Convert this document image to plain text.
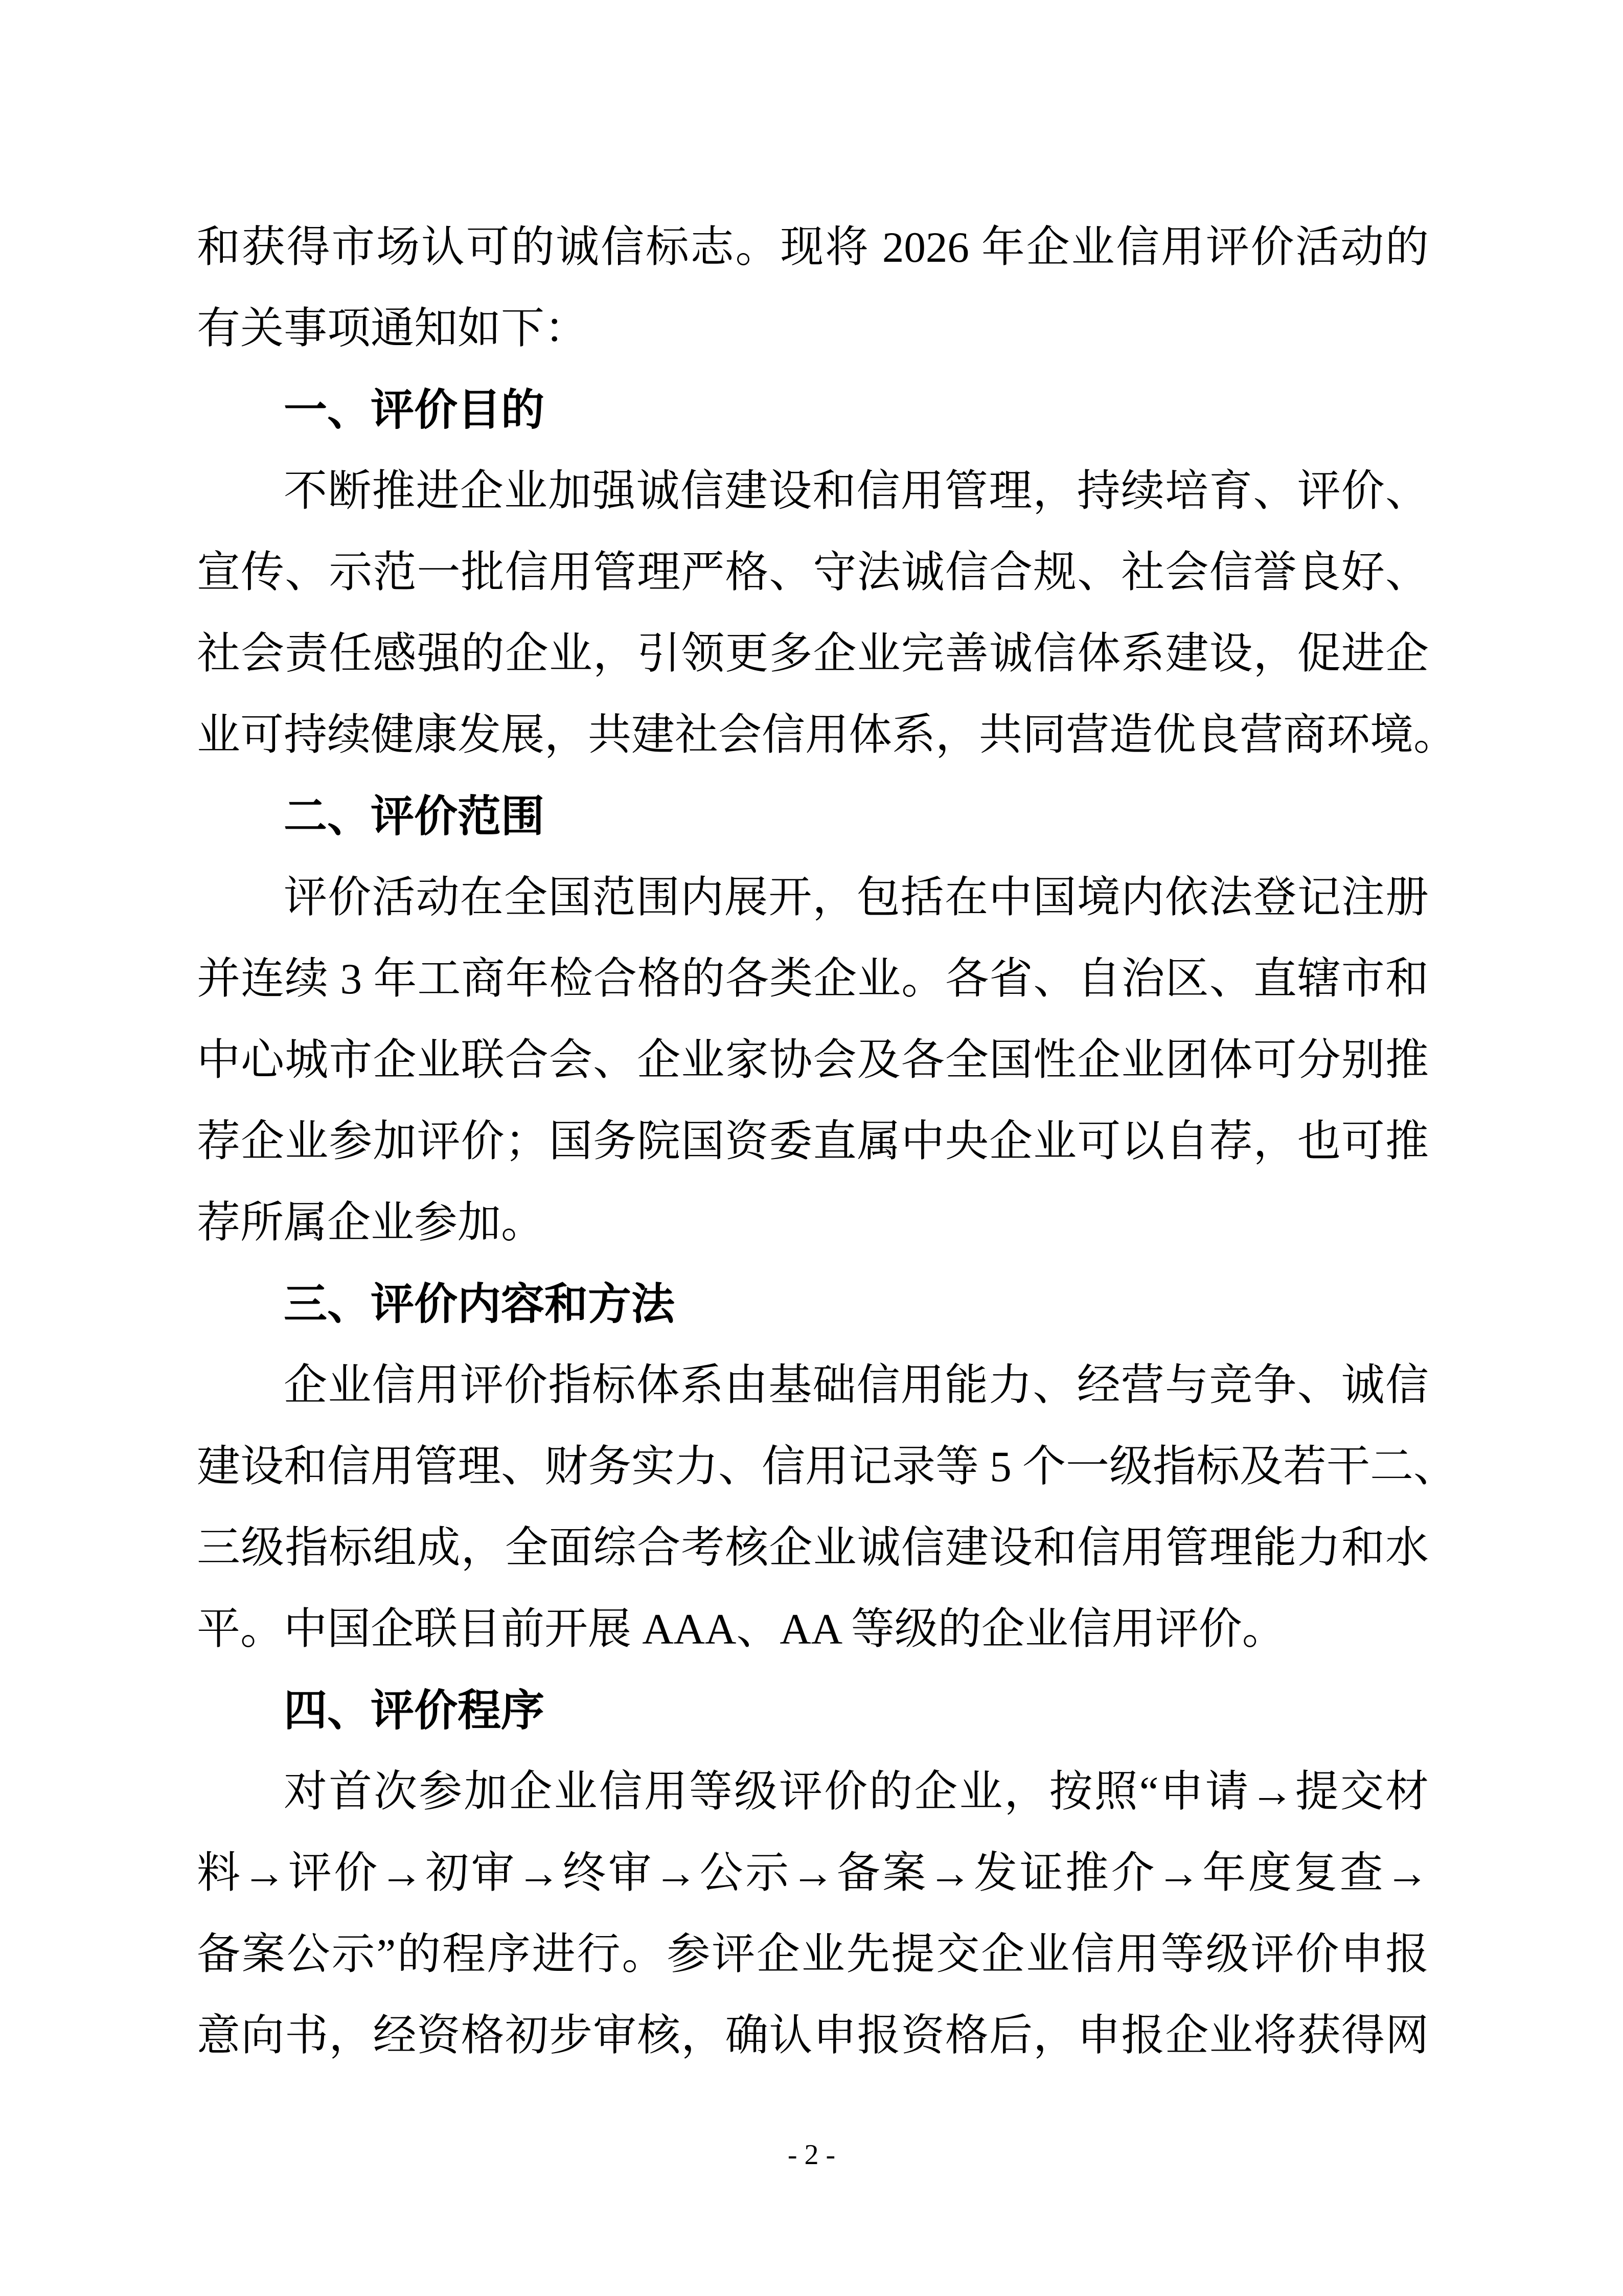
和获得市场认可的诚信标志。现将 2026 年企业信用评价活动的
有关事项通知如下：
一、评价目的
不断推进企业加强诚信建设和信用管理，持续培育、评价、
宣传、示范一批信用管理严格、守法诚信合规、社会信誉良好、
社会责任感强的企业，引领更多企业完善诚信体系建设，促进企
业可持续健康发展，共建社会信用体系，共同营造优良营商环境。
二、评价范围
评价活动在全国范围内展开，包括在中国境内依法登记注册
并连续 3 年工商年检合格的各类企业。各省、自治区、直辖市和
中心城市企业联合会、企业家协会及各全国性企业团体可分别推
荐企业参加评价；国务院国资委直属中央企业可以自荐，也可推
荐所属企业参加。
三、评价内容和方法
企业信用评价指标体系由基础信用能力、经营与竞争、诚信
建设和信用管理、财务实力、信用记录等 5 个一级指标及若干二、
三级指标组成，全面综合考核企业诚信建设和信用管理能力和水
平。中国企联目前开展 AAA、AA 等级的企业信用评价。
四、评价程序
对首次参加企业信用等级评价的企业，按照“申请→提交材
料→评价→初审→终审→公示→备案→发证推介→年度复查→
备案公示”的程序进行。参评企业先提交企业信用等级评价申报
意向书，经资格初步审核，确认申报资格后，申报企业将获得网
- 2 -
